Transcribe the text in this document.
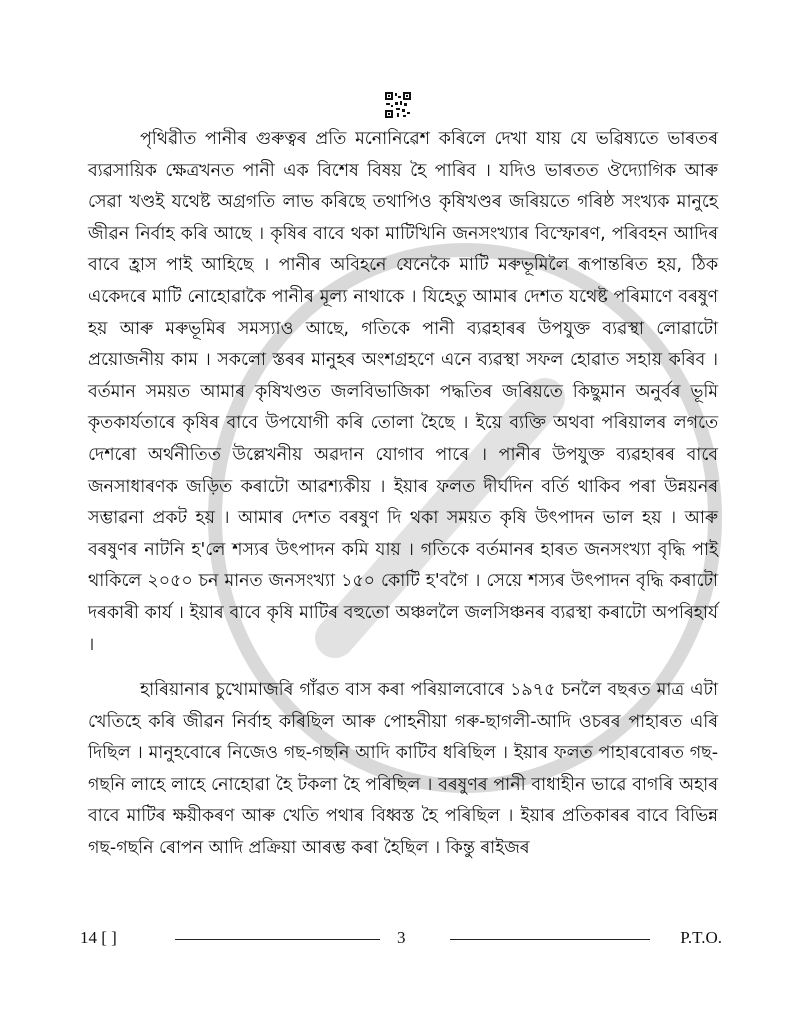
পৃথিৱীত পানীৰ গুৰুত্বৰ প্ৰতি মনোনিৱেশ কৰিলে দেখা যায় যে ভৱিষ্যতে ভাৰতৰ ব্যৱসায়িক ক্ষেত্ৰখনত পানী এক বিশেষ বিষয় হৈ পাৰিব । যদিও ভাৰতত ঔদ্যোগিক আৰু সেৱা খণ্ডই যথেষ্ট অগ্ৰগতি লাভ কৰিছে তথাপিও কৃষিখণ্ডৰ জৰিয়তে গৰিষ্ঠ সংখ্যক মানুহে জীৱন নিৰ্বাহ কৰি আছে । কৃষিৰ বাবে থকা মাটিখিনি জনসংখ্যাৰ বিস্ফোৰণ, পৰিবহন আদিৰ বাবে হ্ৰাস পাই আহিছে । পানীৰ অবিহনে যেনেকৈ মাটি মৰুভূমিলৈ ৰূপান্তৰিত হয়, ঠিক একেদৰে মাটি নোহোৱাকৈ পানীৰ মূল্য নাথাকে । যিহেতু আমাৰ দেশত যথেষ্ট পৰিমাণে বৰষুণ হয় আৰু মৰুভূমিৰ সমস্যাও আছে, গতিকে পানী ব্যৱহাৰৰ উপযুক্ত ব্যৱস্থা লোৱাটো প্ৰয়োজনীয় কাম । সকলো স্তৰৰ মানুহৰ অংশগ্ৰহণে এনে ব্যৱস্থা সফল হোৱাত সহায় কৰিব । বৰ্তমান সময়ত আমাৰ কৃষিখণ্ডত জলবিভাজিকা পদ্ধতিৰ জৰিয়তে কিছুমান অনুৰ্বৰ ভূমি কৃতকাৰ্যতাৰে কৃষিৰ বাবে উপযোগী কৰি তোলা হৈছে । ইয়ে ব্যক্তি অথবা পৰিয়ালৰ লগতে দেশৰো অৰ্থনীতিত উল্লেখনীয় অৱদান যোগাব পাৰে । পানীৰ উপযুক্ত ব্যৱহাৰৰ বাবে জনসাধাৰণক জড়িত কৰাটো আৱশ্যকীয় । ইয়াৰ ফলত দীৰ্ঘদিন বৰ্তি থাকিব পৰা উন্নয়নৰ সম্ভাৱনা প্ৰকট হয় । আমাৰ দেশত বৰষুণ দি থকা সময়ত কৃষি উৎপাদন ভাল হয় । আৰু বৰষুণৰ নাটনি হ'লে শস্যৰ উৎপাদন কমি যায় । গতিকে বৰ্তমানৰ হাৰত জনসংখ্যা বৃদ্ধি পাই থাকিলে ২০৫০ চন মানত জনসংখ্যা ১৫০ কোটি হ'বগৈ । সেয়ে শস্যৰ উৎপাদন বৃদ্ধি কৰাটো দৰকাৰী কাৰ্য । ইয়াৰ বাবে কৃষি মাটিৰ বহুতো অঞ্চললৈ জলসিঞ্চনৰ ব্যৱস্থা কৰাটো অপৰিহাৰ্য ।

হাৰিয়ানাৰ চুখোমাজৰি গাঁৱত বাস কৰা পৰিয়ালবোৰে ১৯৭৫ চনলৈ বছৰত মাত্ৰ এটা খেতিহে কৰি জীৱন নিৰ্বাহ কৰিছিল আৰু পোহনীয়া গৰু-ছাগলী-আদি ওচৰৰ পাহাৰত এৰি দিছিল । মানুহবোৰে নিজেও গছ-গছনি আদি কাটিব ধৰিছিল । ইয়াৰ ফলত পাহাৰবোৰত গছ-গছনি লাহে লাহে নোহোৱা হৈ টকলা হৈ পৰিছিল । বৰষুণৰ পানী বাধাহীন ভাৱে বাগৰি অহাৰ বাবে মাটিৰ ক্ষয়ীকৰণ আৰু খেতি পথাৰ বিধ্বস্ত হৈ পৰিছিল । ইয়াৰ প্ৰতিকাৰৰ বাবে বিভিন্ন গছ-গছনি ৰোপন আদি প্ৰক্ৰিয়া আৰম্ভ কৰা হৈছিল । কিন্তু ৰাইজৰ

14 [ ]	3	P.T.O.
